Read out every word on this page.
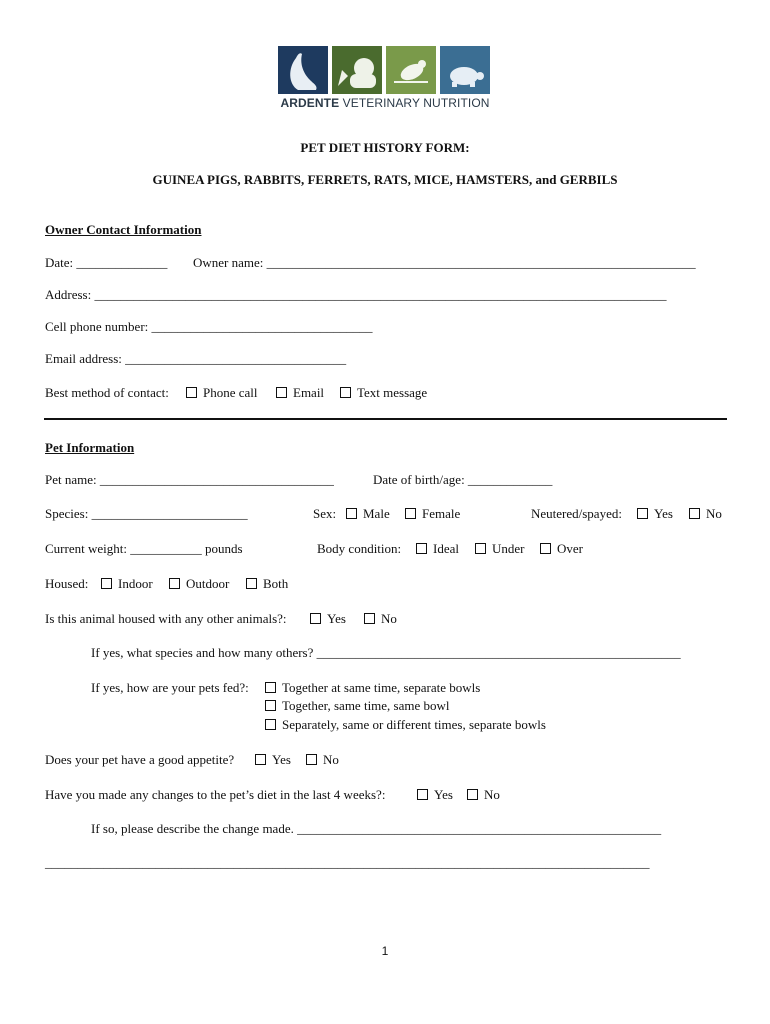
ARDENTE VETERINARY NUTRITION
PET DIET HISTORY FORM:
GUINEA PIGS, RABBITS, FERRETS, RATS, MICE, HAMSTERS, and GERBILS
Owner Contact Information
Date: ______________ Owner name: __________________________________________________________________
Address: ________________________________________________________________________________________
Cell phone number: __________________________________
Email address: __________________________________
Best method of contact:	Phone call	Email	Text message
Pet Information
Pet name: ____________________________________	Date of birth/age: _____________
Species: ________________________	Sex:	Male	Female	Neutered/spayed:	Yes	No
Current weight: ___________ pounds	Body condition:	Ideal	Under	Over
Housed:	Indoor	Outdoor	Both
Is this animal housed with any other animals?:	Yes	No
If yes, what species and how many others? ________________________________________________________
If yes, how are your pets fed?:	Together at same time, separate bowls
Together, same time, same bowl
Separately, same or different times, separate bowls
Does your pet have a good appetite?	Yes	No
Have you made any changes to the pet’s diet in the last 4 weeks?:	Yes	No
If so, please describe the change made. ________________________________________________________
_____________________________________________________________________________________________
1
